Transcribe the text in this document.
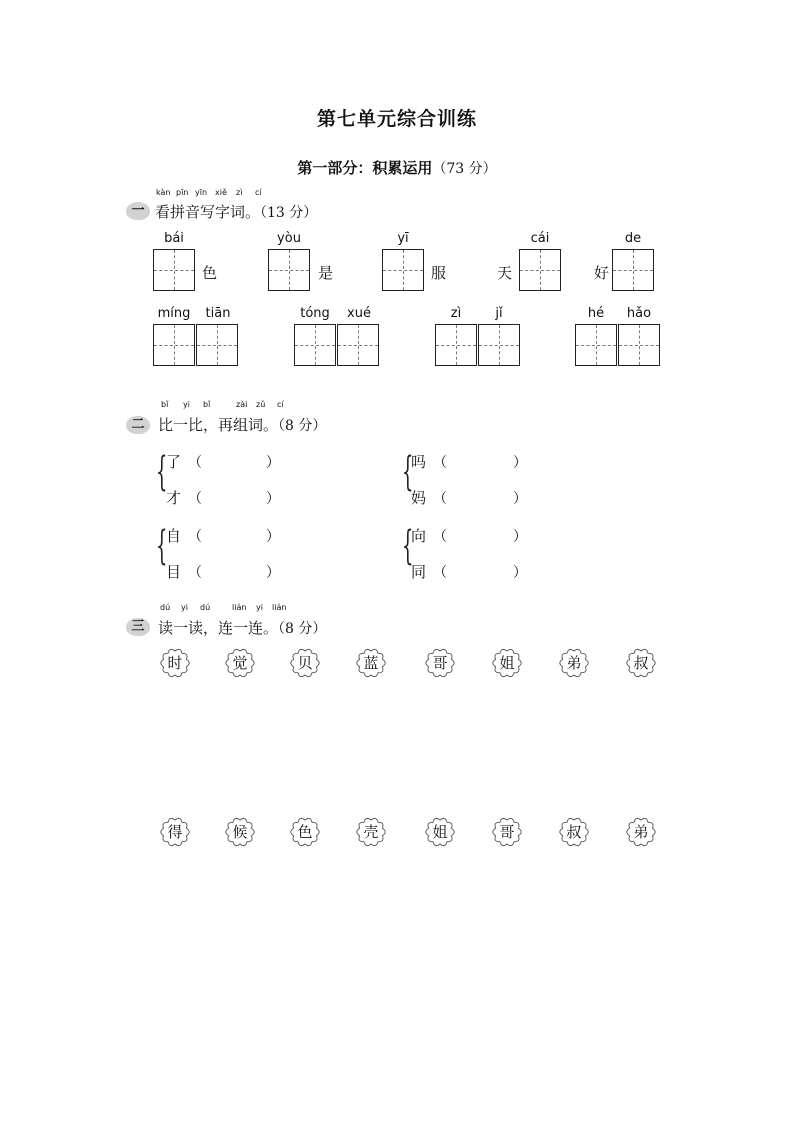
第七单元综合训练
第一部分：积累运用（73 分）
一
kàn pīn yīn xiě zì cí
看拼音写字词。（13 分）
bái	yòu	yī	cái	de
色	是	服	天	好
míng	tiān	tóng	xué	zì	jǐ	hé	hǎo
二
bǐ yi bǐ	zài zǔ cí
比一比，再组词。（8 分）
{
了 （	）
才 （	）
{
吗 （	）
妈 （	）
{
自 （	）
目 （	）
{
向 （	）
同 （	）
三
dú yi dú	lián yi lián
读一读，连一连。（8 分）
时	觉	贝	蓝	哥	姐	弟	叔
得	候	色	壳	姐	哥	叔	弟
